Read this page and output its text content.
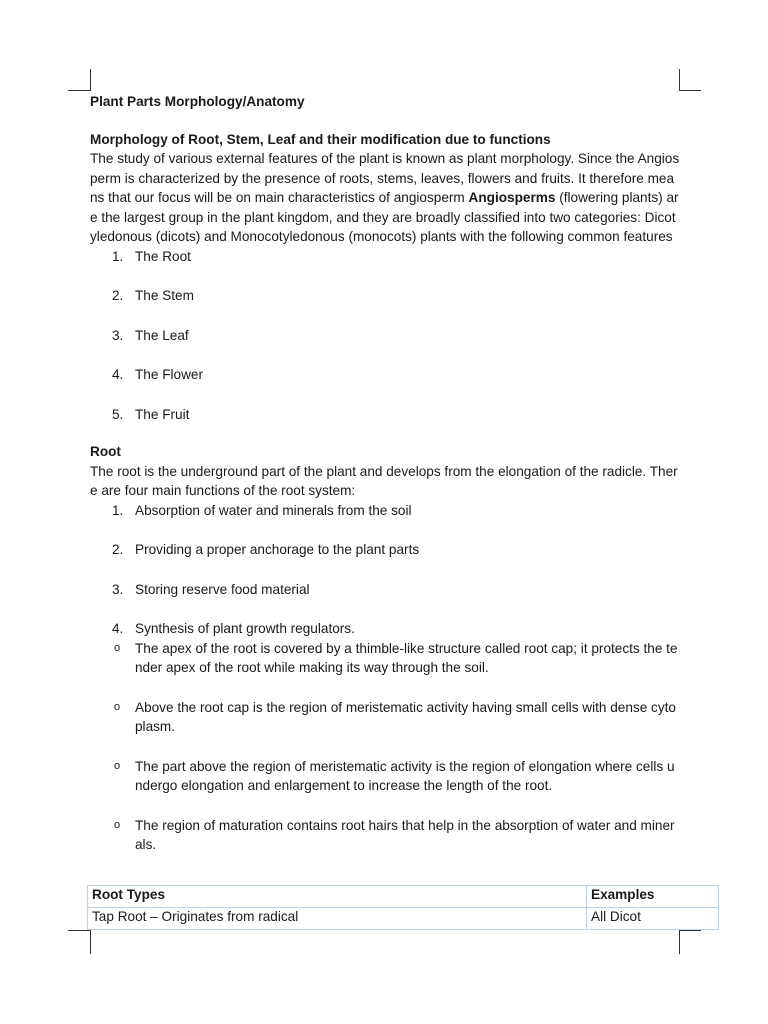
Plant Parts Morphology/Anatomy

Morphology of Root, Stem, Leaf and their modification due to functions

The study of various external features of the plant is known as plant morphology. Since the Angiosperm is characterized by the presence of roots, stems, leaves, flowers and fruits. It therefore means that our focus will be on main characteristics of angiosperm Angiosperms (flowering plants) are the largest group in the plant kingdom, and they are broadly classified into two categories: Dicotyledonous (dicots) and Monocotyledonous (monocots) plants with the following common features

1. The Root
2. The Stem
3. The Leaf
4. The Flower
5. The Fruit

Root

The root is the underground part of the plant and develops from the elongation of the radicle. There are four main functions of the root system:

1. Absorption of water and minerals from the soil
2. Providing a proper anchorage to the plant parts
3. Storing reserve food material
4. Synthesis of plant growth regulators.
o The apex of the root is covered by a thimble-like structure called root cap; it protects the tender apex of the root while making its way through the soil.
o Above the root cap is the region of meristematic activity having small cells with dense cytoplasm.
o The part above the region of meristematic activity is the region of elongation where cells undergo elongation and enlargement to increase the length of the root.
o The region of maturation contains root hairs that help in the absorption of water and minerals.
Root Types	Examples
Tap Root – Originates from radical	All Dicot
